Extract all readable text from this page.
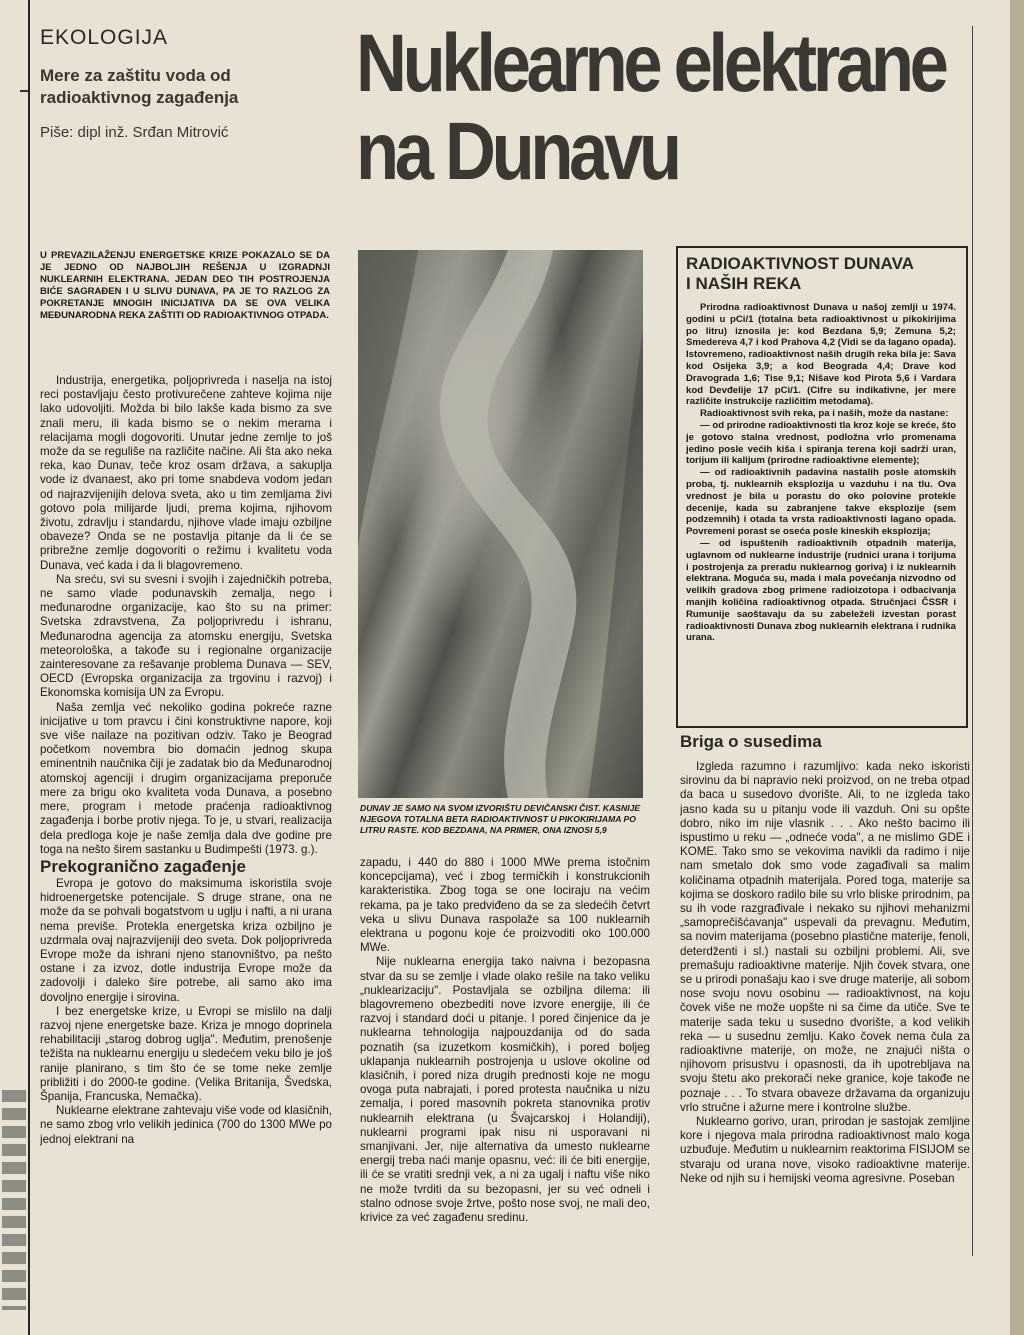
EKOLOGIJA
Mere za zaštitu voda od
radioaktivnog zagađenja
Piše: dipl inž. Srđan Mitrović
Nuklearne elektrane
na Dunavu
U PREVAZILAŽENJU ENERGETSKE KRIZE POKAZALO SE DA JE JEDNO OD NAJBOLJIH REŠENJA U IZGRADNJI NUKLEARNIH ELEKTRANA. JEDAN DEO TIH POSTROJENJA BIĆE SAGRAĐEN I U SLIVU DUNAVA, PA JE TO RAZLOG ZA POKRETANJE MNOGIH INICIJATIVA DA SE OVA VELIKA MEĐUNARODNA REKA ZAŠTITI OD RADIOAKTIVNOG OTPADA.

Industrija, energetika, poljoprivreda i naselja na istoj reci postavljaju često protivurečene zahteve kojima nije lako udovoljiti. Možda bi bilo lakše kada bismo za sve znali meru, ili kada bismo se o nekim merama i relacijama mogli dogovoriti. Unutar jedne zemlje to još može da se reguliše na različite načine. Ali šta ako neka reka, kao Dunav, teče kroz osam država, a sakuplja vode iz dvanaest, ako pri tome snabdeva vodom jedan od najrazvijenijih delova sveta, ako u tim zemljama živi gotovo pola milijarde ljudi, prema kojima, njihovom životu, zdravlju i standardu, njihove vlade imaju ozbiljne obaveze? Onda se ne postavlja pitanje da li će se pribrežne zemlje dogovoriti o režimu i kvalitetu voda Dunava, već kada i da li blagovremeno.

Na sreću, svi su svesni i svojih i zajedničkih potreba, ne samo vlade podunavskih zemalja, nego i međunarodne organizacije, kao što su na primer: Svetska zdravstvena, Za poljoprivredu i ishranu, Međunarodna agencija za atomsku energiju, Svetska meteorološka, a takođe su i regionalne organizacije zainteresovane za rešavanje problema Dunava — SEV, OECD (Evropska organizacija za trgovinu i razvoj) i Ekonomska komisija UN za Evropu.

Naša zemlja već nekoliko godina pokreće razne inicijative u tom pravcu i čini konstruktivne napore, koji sve više nailaze na pozitivan odziv. Tako je Beograd početkom novembra bio domaćin jednog skupa eminentnih naučnika čiji je zadatak bio da Međunarodnoj atomskoj agenciji i drugim organizacijama preporuče mere za brigu oko kvaliteta voda Dunava, a posebno mere, program i metode praćenja radioaktivnog zagađenja i borbe protiv njega. To je, u stvari, realizacija dela predloga koje je naše zemlja dala dve godine pre toga na nešto širem sastanku u Budimpešti (1973. g.).

Prekogranično zagađenje

Evropa je gotovo do maksimuma iskoristila svoje hidroenergetske potencijale. S druge strane, ona ne može da se pohvali bogatstvom u uglju i nafti, a ni urana nema previše. Protekla energetska kriza ozbiljno je uzdrmala ovaj najrazvijeniji deo sveta. Dok poljoprivreda Evrope može da ishrani njeno stanovništvo, pa nešto ostane i za izvoz, dotle industrija Evrope može da zadovolji i daleko šire potrebe, ali samo ako ima dovoljno energije i sirovina.

I bez energetske krize, u Evropi se mislilo na dalji razvoj njene energetske baze. Kriza je mnogo doprinela rehabilitaciji „starog dobrog uglja". Međutim, prenošenje težišta na nuklearnu energiju u sledećem veku bilo je još ranije planirano, s tim što će se tome neke zemlje približiti i do 2000-te godine. (Velika Britanija, Švedska, Španija, Francuska, Nemačka).

Nuklearne elektrane zahtevaju više vode od klasičnih, ne samo zbog vrlo velikih jedinica (700 do 1300 MWe po jednoj elektrani na

DUNAV JE SAMO NA SVOM IZVORIŠTU DEVIČANSKI ČIST. KASNIJE NJEGOVA TOTALNA BETA RADIOAKTIVNOST U PIKOKIRIJAMA PO LITRU RASTE. KOD BEZDANA, NA PRIMER, ONA IZNOSI 5,9

zapadu, i 440 do 880 i 1000 MWe prema istočnim koncepcijama), već i zbog termičkih i konstrukcionih karakteristika. Zbog toga se one lociraju na većim rekama, pa je tako predviđeno da se za sledećih četvrt veka u slivu Dunava raspolaže sa 100 nuklearnih elektrana u pogonu koje će proizvoditi oko 100.000 MWe.

Nije nuklearna energija tako naivna i bezopasna stvar da su se zemlje i vlade olako rešile na tako veliku „nuklearizaciju". Postavljala se ozbiljna dilema: ili blagovremeno obezbediti nove izvore energije, ili će razvoj i standard doći u pitanje. I pored činjenice da je nuklearna tehnologija najpouzdanija od do sada poznatih (sa izuzetkom kosmičkih), i pored boljeg uklapanja nuklearnih postrojenja u uslove okoline od klasičnih, i pored niza drugih prednosti koje ne mogu ovoga puta nabrajati, i pored protesta naučnika u nizu zemalja, i pored masovnih pokreta stanovnika protiv nuklearnih elektrana (u Švajcarskoj i Holandiji), nuklearni programi ipak nisu ni usporavani ni smanjivani. Jer, nije alternativa da umesto nuklearne energij treba naći manje opasnu, već: ili će biti energije, ili će se vratiti srednji vek, a ni za ugalj i naftu više niko ne može tvrditi da su bezopasni, jer su već odneli i stalno odnose svoje žrtve, pošto nose svoj, ne mali deo, krivice za već zagađenu sredinu.

RADIOAKTIVNOST DUNAVA
I NAŠIH REKA

Prirodna radioaktivnost Dunava u našoj zemlji u 1974. godini u pCi/1 (totalna beta radioaktivnost u pikokirijima po litru) iznosila je: kod Bezdana 5,9; Zemuna 5,2; Smedereva 4,7 i kod Prahova 4,2 (Vidi se da lagano opada). Istovremeno, radioaktivnost naših drugih reka bila je: Sava kod Osijeka 3,9; a kod Beograda 4,4; Drave kod Dravograda 1,6; Tise 9,1; Nišave kod Pirota 5,6 i Vardara kod Devđelije 17 pCi/1. (Cifre su indikativne, jer mere različite instrukcije različitim metodama).

Radioaktivnost svih reka, pa i naših, može da nastane:

— od prirodne radioaktivnosti tla kroz koje se kreće, što je gotovo stalna vrednost, podložna vrlo promenama jedino posle većih kiša i spiranja terena koji sadrži uran, torijum ili kalijum (prirodne radioaktivne elemente);

— od radioaktivnih padavina nastalih posle atomskih proba, tj. nuklearnih eksplozija u vazduhu i na tlu. Ova vrednost je bila u porastu do oko polovine protekle decenije, kada su zabranjene takve eksplozije (sem podzemnih) i otada ta vrsta radioaktivnosti lagano opada. Povremeni porast se oseća posle kineskih eksplozija;

— od ispuštenih radioaktivnih otpadnih materija, uglavnom od nuklearne industrije (rudnici urana i torijuma i postrojenja za preradu nuklearnog goriva) i iz nuklearnih elektrana. Moguća su, mada i mala povećanja nizvodno od velikih gradova zbog primene radioizotopa i odbacivanja manjih količina radioaktivnog otpada. Stručnjaci ČSSR i Rumunije saoštavaju da su zabeleželi izvestan porast radioaktivnosti Dunava zbog nuklearnih elektrana i rudnika urana.

Briga o susedima

Izgleda razumno i razumljivo: kada neko iskoristi sirovinu da bi napravio neki proizvod, on ne treba otpad da baca u susedovo dvorište. Ali, to ne izgleda tako jasno kada su u pitanju vode ili vazduh. Oni su opšte dobro, niko im nije vlasnik . . . Ako nešto bacimo ili ispustimo u reku — „odneće voda", a ne mislimo GDE i KOME. Tako smo se vekovima navikli da radimo i nije nam smetalo dok smo vode zagađivali sa malim količinama otpadnih materijala. Pored toga, materije sa kojima se doskoro radilo bile su vrlo bliske prirodnim, pa su ih vode razgrađivale i nekako su njihovi mehanizmi „samoprečišćavanja" uspevali da prevagnu. Međutim, sa novim materijama (posebno plastične materije, fenoli, deterdženti i sl.) nastali su ozbiljni problemi. Ali, sve premašuju radioaktivne materije. Njih čovek stvara, one se u prirodi ponašaju kao i sve druge materije, ali sobom nose svoju novu osobinu — radioaktivnost, na koju čovek više ne može uopšte ni sa čime da utiče. Sve te materije sada teku u susedno dvorište, a kod velikih reka — u susednu zemlju. Kako čovek nema čula za radioaktivne materije, on može, ne znajući ništa o njihovom prisustvu i opasnosti, da ih upotrebljava na svoju štetu ako prekorači neke granice, koje takođe ne poznaje . . . To stvara obaveze državama da organizuju vrlo stručne i ažurne mere i kontrolne službe.

Nuklearno gorivo, uran, prirodan je sastojak zemljine kore i njegova mala prirodna radioaktivnost malo koga uzbuđuje. Međutim u nuklearnim reaktorima FISIJOM se stvaraju od urana nove, visoko radioaktivne materije. Neke od njih su i hemijski veoma agresivne. Poseban
